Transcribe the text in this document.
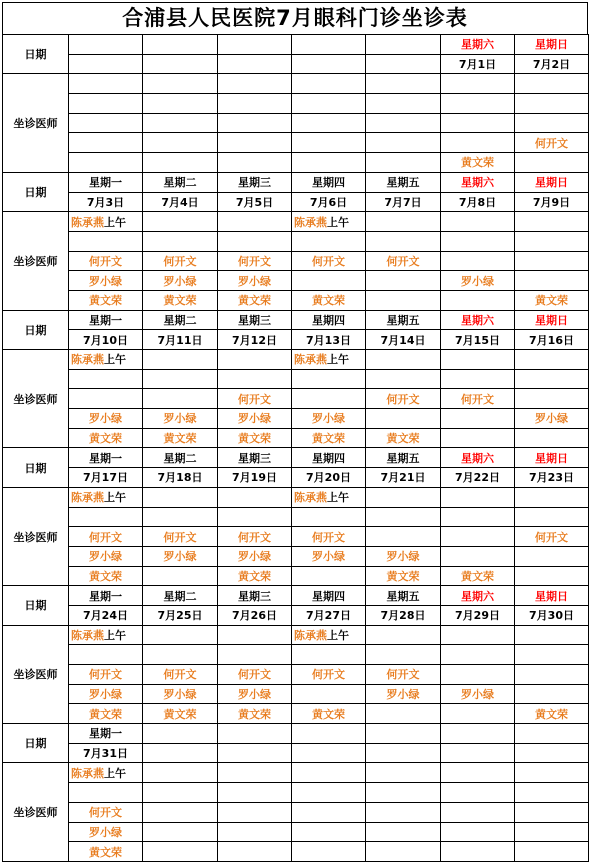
合浦县人民医院7月眼科门诊坐诊表
日期						星期六	星期日
						7月1日	7月2日
坐诊医师							

							何开文
						黄文荣	
日期	星期一	星期二	星期三	星期四	星期五	星期六	星期日
	7月3日	7月4日	7月5日	7月6日	7月7日	7月8日	7月9日
坐诊医师	陈承燕上午			陈承燕上午			

	何开文	何开文	何开文	何开文	何开文		
	罗小绿	罗小绿	罗小绿			罗小绿	
	黄文荣	黄文荣	黄文荣	黄文荣			黄文荣
日期	星期一	星期二	星期三	星期四	星期五	星期六	星期日
	7月10日	7月11日	7月12日	7月13日	7月14日	7月15日	7月16日
坐诊医师	陈承燕上午			陈承燕上午			

			何开文		何开文	何开文	
	罗小绿	罗小绿	罗小绿	罗小绿			罗小绿
	黄文荣	黄文荣	黄文荣	黄文荣	黄文荣		
日期	星期一	星期二	星期三	星期四	星期五	星期六	星期日
	7月17日	7月18日	7月19日	7月20日	7月21日	7月22日	7月23日
坐诊医师	陈承燕上午			陈承燕上午			

	何开文	何开文	何开文	何开文			何开文
	罗小绿	罗小绿	罗小绿	罗小绿	罗小绿		
	黄文荣		黄文荣		黄文荣	黄文荣	
日期	星期一	星期二	星期三	星期四	星期五	星期六	星期日
	7月24日	7月25日	7月26日	7月27日	7月28日	7月29日	7月30日
坐诊医师	陈承燕上午			陈承燕上午			

	何开文	何开文	何开文	何开文	何开文		
	罗小绿	罗小绿	罗小绿		罗小绿	罗小绿	
	黄文荣	黄文荣	黄文荣	黄文荣			黄文荣
日期	星期一						
	7月31日						
坐诊医师	陈承燕上午						

	何开文						
	罗小绿						
	黄文荣						
